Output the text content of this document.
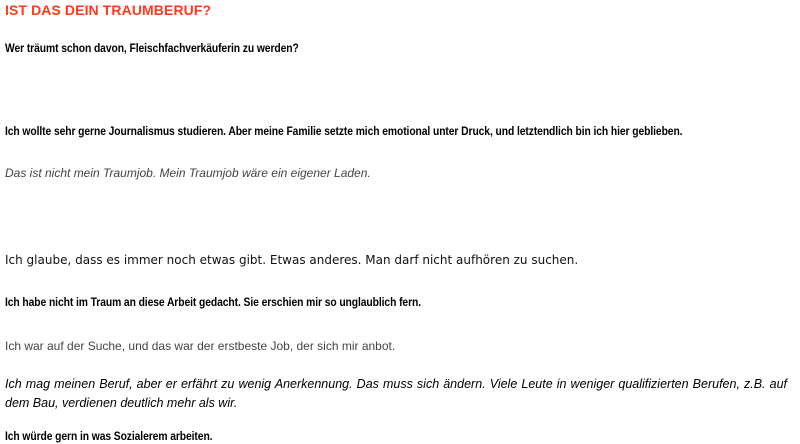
IST DAS DEIN TRAUMBERUF?
Wer träumt schon davon, Fleischfachverkäuferin zu werden?
Ich wollte sehr gerne Journalismus studieren. Aber meine Familie setzte mich emotional unter Druck, und letztendlich bin ich hier geblieben.
Das ist nicht mein Traumjob. Mein Traumjob wäre ein eigener Laden.
Ich glaube, dass es immer noch etwas gibt. Etwas anderes. Man darf nicht aufhören zu suchen.
Ich habe nicht im Traum an diese Arbeit gedacht. Sie erschien mir so unglaublich fern.
Ich war auf der Suche, und das war der erstbeste Job, der sich mir anbot.
Ich mag meinen Beruf, aber er erfährt zu wenig Anerkennung. Das muss sich ändern. Viele Leute in weniger qualifizierten Berufen, z.B. auf dem Bau, verdienen deutlich mehr als wir.
Ich würde gern in was Sozialerem arbeiten.
